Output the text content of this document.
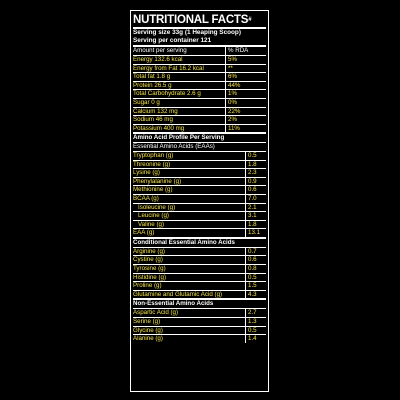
NUTRITIONAL FACTS#
Serving size 33g (1 Heaping Scoop)
Serving per container 121
Amount per serving	% RDA
Energy 132.6 kcal	5%
Energy from Fat 16.2 kcal	**
Total fat 1.8 g	6%
Protein 26.5 g	44%
Total Carbohydrate 2.6 g	1%
Sugar 0 g	0%
Calcium 132 mg	22%
Sodium 46 mg	2%
Potassium 400 mg	11%
Amino Acid Profile Per Serving
Essential Amino Acids (EAAs)
Tryptophan (g)	0.5
Threonine (g)	1.8
Lysine (g)	2.3
Phenylalanine (g)	0.9
Methionine (g)	0.6
BCAA (g)	7.0
Isoleucine (g)	2.1
Leucine (g)	3.1
Valine (g)	1.8
EAA (g)	13.1
Conditional Essential Amino Acids
Arginine (g)	0.7
Cystine (g)	0.6
Tyrosine (g)	0.8
Histidine (g)	0.5
Proline (g)	1.5
Glutamine and Glutamic Acid (g)	4.3
Non-Essential Amino Acids
Aspartic Acid (g)	2.7
Serine (g)	1.3
Glycine (g)	0.5
Alanine (g)	1.4
